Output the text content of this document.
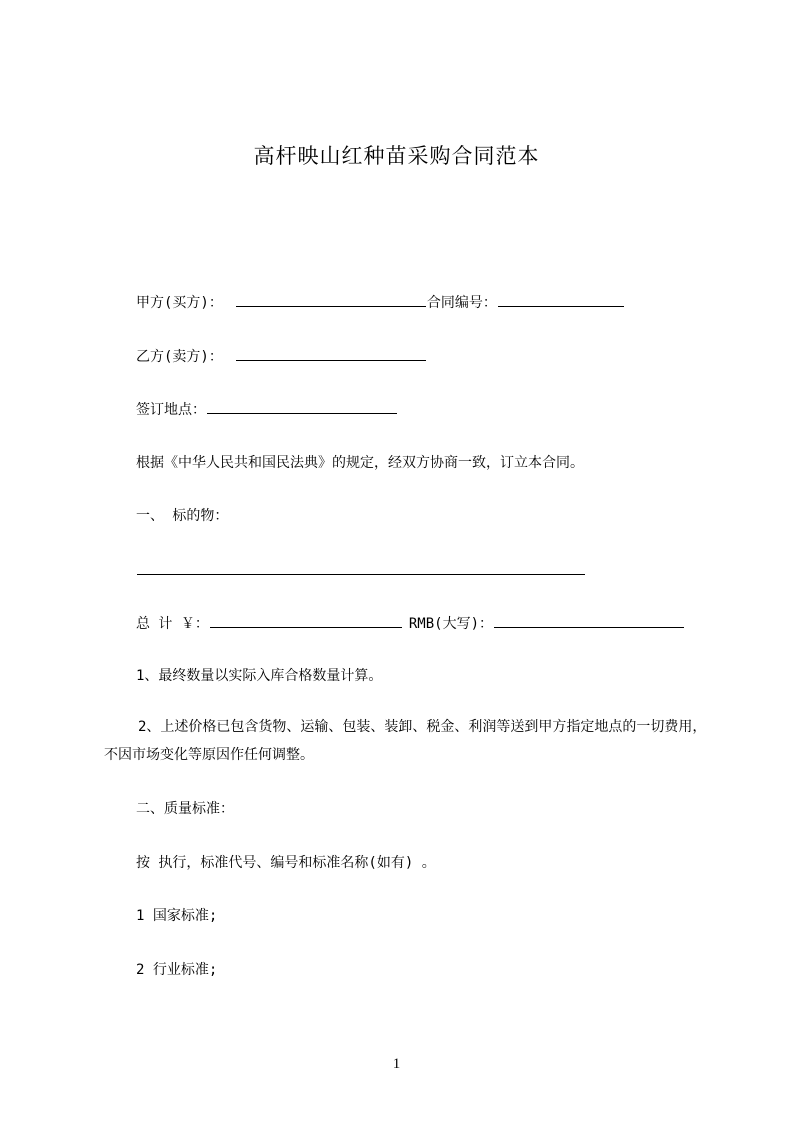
高杆映山红种苗采购合同范本
甲方(买方)：	合同编号：
乙方(卖方)：
签订地点：
根据《中华人民共和国民法典》的规定，经双方协商一致，订立本合同。
一、 标的物：
总 计 ￥：	RMB(大写)：
1、最终数量以实际入库合格数量计算。
2、上述价格已包含货物、运输、包装、装卸、税金、利润等送到甲方指定地点的一切费用，不因市场变化等原因作任何调整。
二、质量标准：
按 执行，标准代号、编号和标准名称(如有) 。
1 国家标准;
2 行业标准;
1
